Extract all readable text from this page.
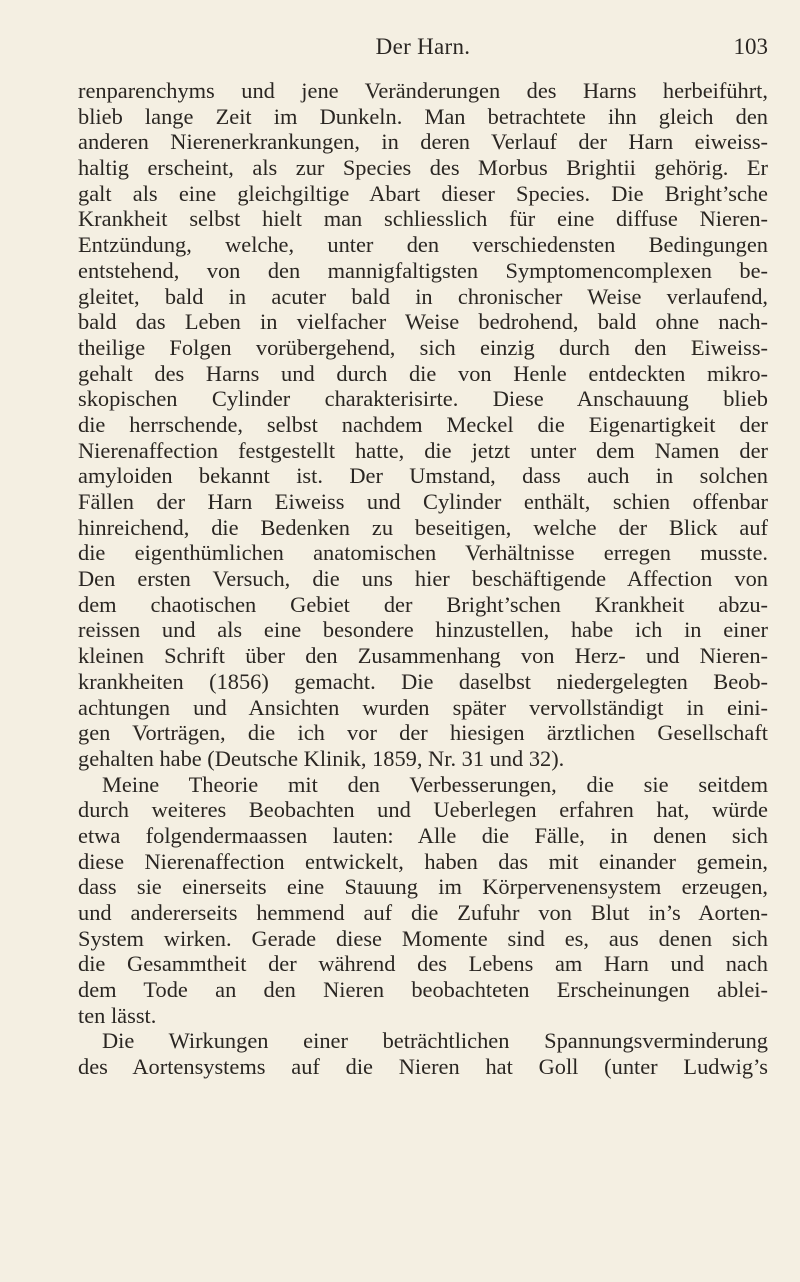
Der Harn.	103
renparenchyms und jene Veränderungen des Harns herbeiführt,
blieb lange Zeit im Dunkeln. Man betrachtete ihn gleich den
anderen Nierenerkrankungen, in deren Verlauf der Harn eiweiss-
haltig erscheint, als zur Species des Morbus Brightii gehörig. Er
galt als eine gleichgiltige Abart dieser Species. Die Bright’sche
Krankheit selbst hielt man schliesslich für eine diffuse Nieren-
Entzündung, welche, unter den verschiedensten Bedingungen
entstehend, von den mannigfaltigsten Symptomencomplexen be-
gleitet, bald in acuter bald in chronischer Weise verlaufend,
bald das Leben in vielfacher Weise bedrohend, bald ohne nach-
theilige Folgen vorübergehend, sich einzig durch den Eiweiss-
gehalt des Harns und durch die von Henle entdeckten mikro-
skopischen Cylinder charakterisirte. Diese Anschauung blieb
die herrschende, selbst nachdem Meckel die Eigenartigkeit der
Nierenaffection festgestellt hatte, die jetzt unter dem Namen der
amyloiden bekannt ist. Der Umstand, dass auch in solchen
Fällen der Harn Eiweiss und Cylinder enthält, schien offenbar
hinreichend, die Bedenken zu beseitigen, welche der Blick auf
die eigenthümlichen anatomischen Verhältnisse erregen musste.
Den ersten Versuch, die uns hier beschäftigende Affection von
dem chaotischen Gebiet der Bright’schen Krankheit abzu-
reissen und als eine besondere hinzustellen, habe ich in einer
kleinen Schrift über den Zusammenhang von Herz- und Nieren-
krankheiten (1856) gemacht. Die daselbst niedergelegten Beob-
achtungen und Ansichten wurden später vervollständigt in eini-
gen Vorträgen, die ich vor der hiesigen ärztlichen Gesellschaft
gehalten habe (Deutsche Klinik, 1859, Nr. 31 und 32).
Meine Theorie mit den Verbesserungen, die sie seitdem
durch weiteres Beobachten und Ueberlegen erfahren hat, würde
etwa folgendermaassen lauten: Alle die Fälle, in denen sich
diese Nierenaffection entwickelt, haben das mit einander gemein,
dass sie einerseits eine Stauung im Körpervenensystem erzeugen,
und andererseits hemmend auf die Zufuhr von Blut in’s Aorten-
System wirken. Gerade diese Momente sind es, aus denen sich
die Gesammtheit der während des Lebens am Harn und nach
dem Tode an den Nieren beobachteten Erscheinungen ablei-
ten lässt.
Die Wirkungen einer beträchtlichen Spannungsverminderung
des Aortensystems auf die Nieren hat Goll (unter Ludwig’s
